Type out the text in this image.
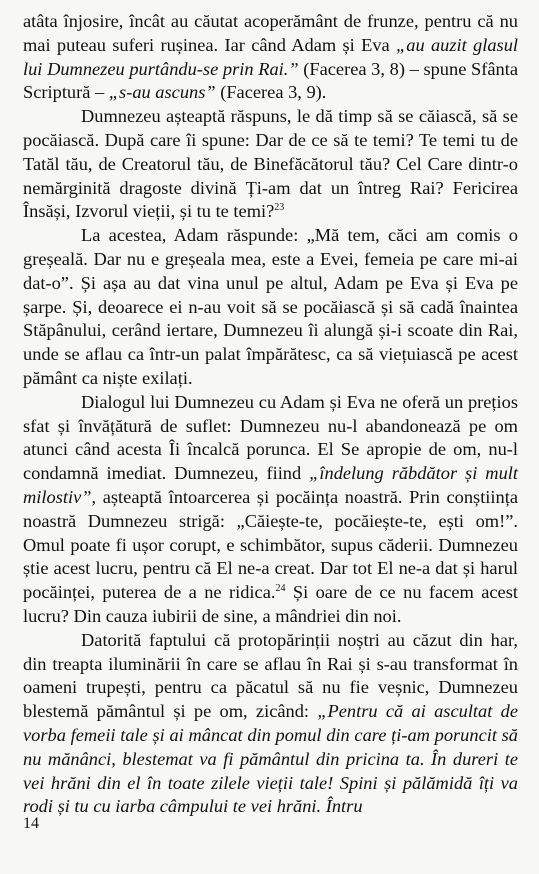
atâta înjosire, încât au căutat acoperământ de frunze, pentru că nu mai puteau suferi rușinea. Iar când Adam și Eva „au auzit glasul lui Dumnezeu purtându-se prin Rai.” (Facerea 3, 8) – spune Sfânta Scriptură – „s-au ascuns” (Facerea 3, 9).

Dumnezeu așteaptă răspuns, le dă timp să se căiască, să se pocăiască. După care îi spune: Dar de ce să te temi? Te temi tu de Tatăl tău, de Creatorul tău, de Binefăcătorul tău? Cel Care dintr-o nemărginită dragoste divină Ți-am dat un întreg Rai? Fericirea Însăși, Izvorul vieții, și tu te temi?$^{23}$

La acestea, Adam răspunde: „Mă tem, căci am comis o greșeală. Dar nu e greșeala mea, este a Evei, femeia pe care mi-ai dat-o”. Și așa au dat vina unul pe altul, Adam pe Eva și Eva pe șarpe. Și, deoarece ei n-au voit să se pocăiască și să cadă înaintea Stăpânului, cerând iertare, Dumnezeu îi alungă și-i scoate din Rai, unde se aflau ca într-un palat împărătesc, ca să viețuiască pe acest pământ ca niște exilați.

Dialogul lui Dumnezeu cu Adam și Eva ne oferă un prețios sfat și învățătură de suflet: Dumnezeu nu-l abandonează pe om atunci când acesta Îi încalcă porunca. El Se apropie de om, nu-l condamnă imediat. Dumnezeu, fiind „îndelung răbdător și mult milostiv”, așteaptă întoarcerea și pocăința noastră. Prin conștiința noastră Dumnezeu strigă: „Căiește-te, pocăiește-te, ești om!”. Omul poate fi ușor corupt, e schimbător, supus căderii. Dumnezeu știe acest lucru, pentru că El ne-a creat. Dar tot El ne-a dat și harul pocăinței, puterea de a ne ridica.$^{24}$ Și oare de ce nu facem acest lucru? Din cauza iubirii de sine, a mândriei din noi.

Datorită faptului că protopărinții noștri au căzut din har, din treapta iluminării în care se aflau în Rai și s-au transformat în oameni trupești, pentru ca păcatul să nu fie veșnic, Dumnezeu blestemă pământul și pe om, zicând: „Pentru că ai ascultat de vorba femeii tale și ai mâncat din pomul din care ți-am poruncit să nu mănânci, blestemat va fi pământul din pricina ta. În dureri te vei hrăni din el în toate zilele vieții tale! Spini și pălămidă îți va rodi și tu cu iarba câmpului te vei hrăni. Întru

14
